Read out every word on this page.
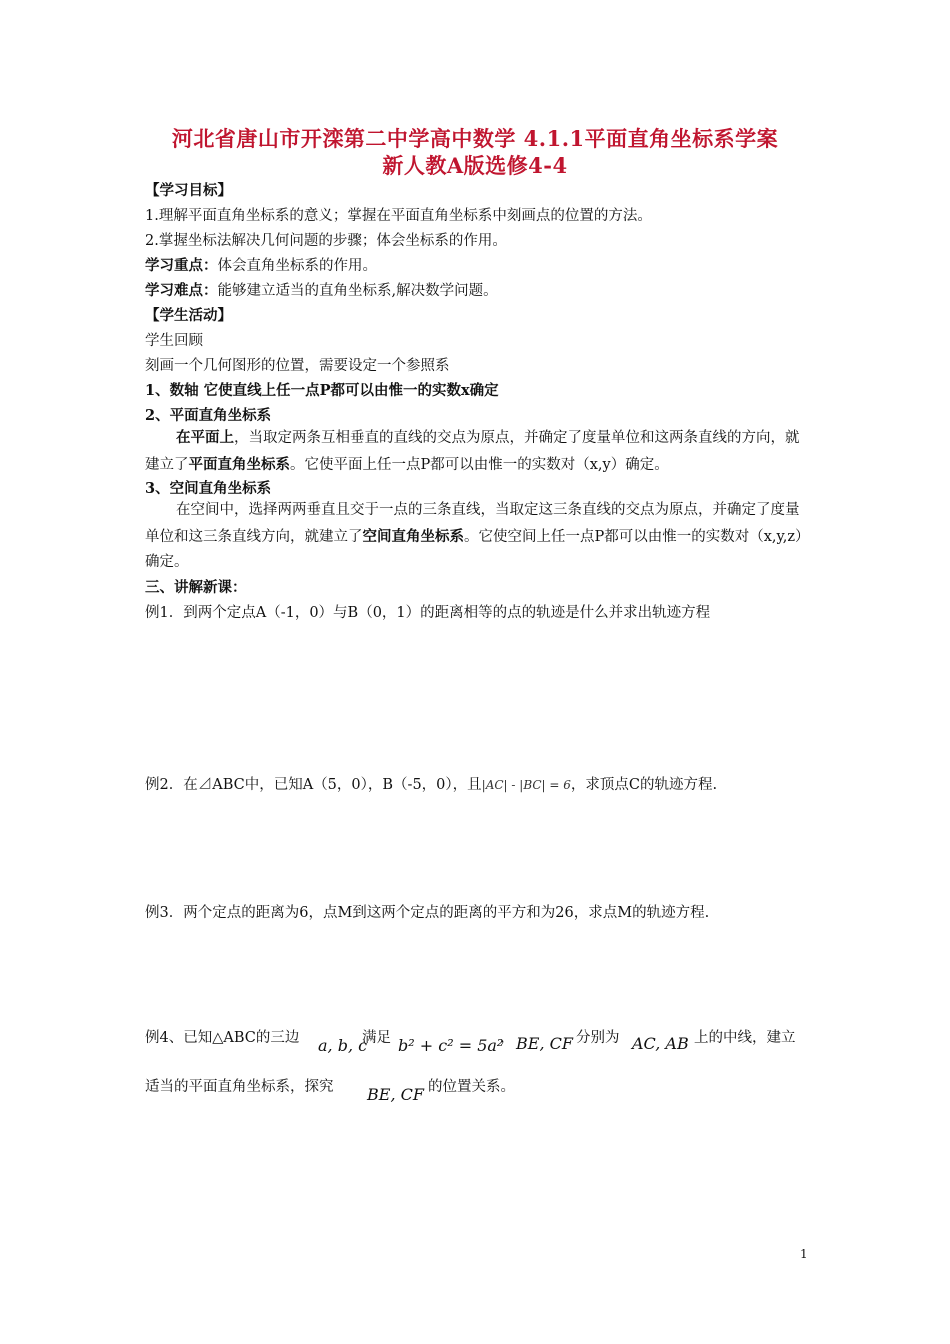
河北省唐山市开滦第二中学高中数学 4.1.1平面直角坐标系学案
新人教A版选修4-4
【学习目标】
1.理解平面直角坐标系的意义；掌握在平面直角坐标系中刻画点的位置的方法。
2.掌握坐标法解决几何问题的步骤；体会坐标系的作用。
学习重点：体会直角坐标系的作用。
学习难点：能够建立适当的直角坐标系,解决数学问题。
【学生活动】
学生回顾
刻画一个几何图形的位置，需要设定一个参照系
1、数轴 它使直线上任一点P都可以由惟一的实数x确定
2、平面直角坐标系
在平面上，当取定两条互相垂直的直线的交点为原点，并确定了度量单位和这两条直线的方向，就建立了平面直角坐标系。它使平面上任一点P都可以由惟一的实数对（x,y）确定。
3、空间直角坐标系
在空间中，选择两两垂直且交于一点的三条直线，当取定这三条直线的交点为原点，并确定了度量单位和这三条直线方向，就建立了空间直角坐标系。它使空间上任一点P都可以由惟一的实数对（x,y,z）确定。
三、讲解新课：
例1．到两个定点A（-1，0）与B（0，1）的距离相等的点的轨迹是什么并求出轨迹方程
例2．在⊿ABC中，已知A（5，0），B（-5，0），且|AC| - |BC| = 6，求顶点C的轨迹方程.
例3．两个定点的距离为6，点M到这两个定点的距离的平方和为26，求点M的轨迹方程.
例4、已知△ABC的三边 a, b, c
满足 b² + c² = 5a²
， BE, CF 分别为 AC, AB 上的中线，建立
适当的平面直角坐标系，探究 BE, CF 的位置关系。
1
